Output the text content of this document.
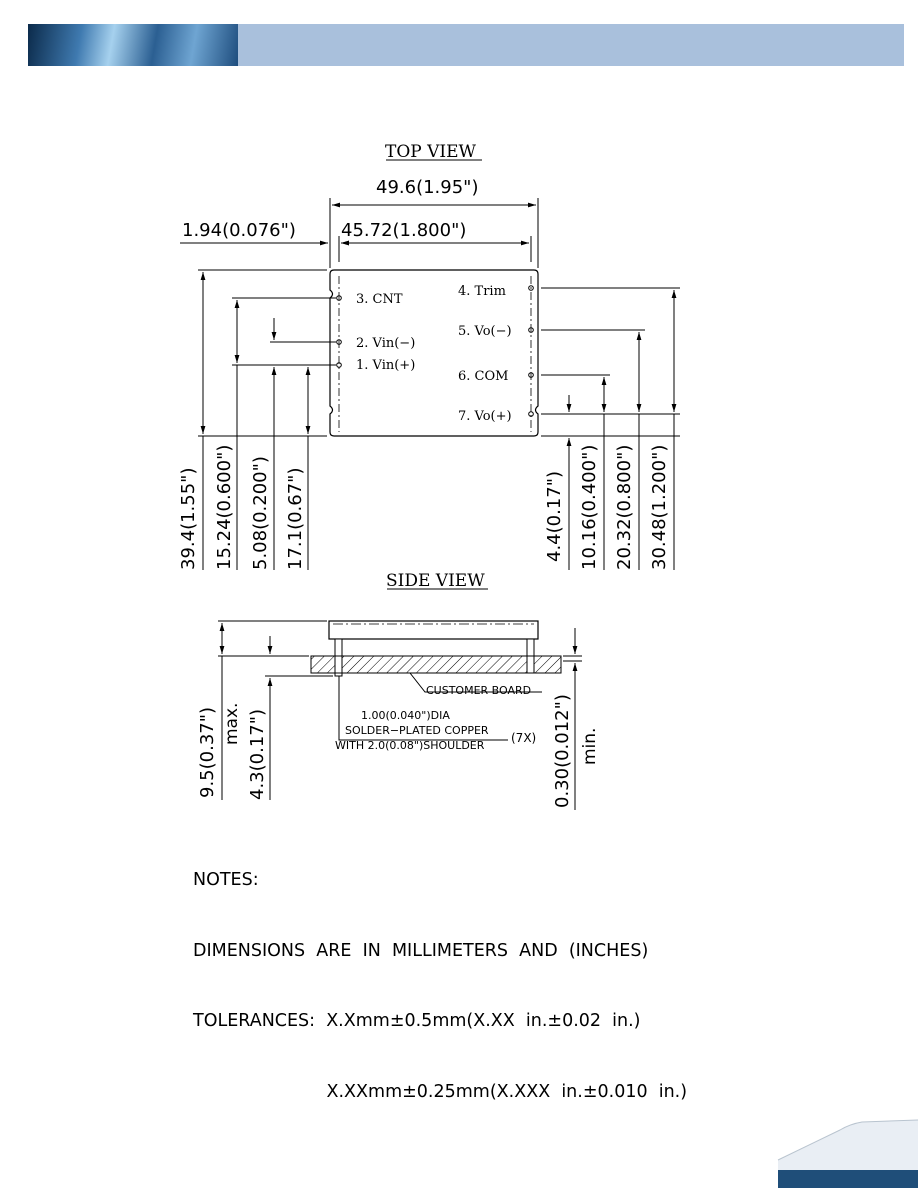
TOP VIEW
49.6(1.95")
45.72(1.800")
1.94(0.076")
3. CNT
2. Vin(−)
1. Vin(+)
4. Trim
5. Vo(−)
6. COM
7. Vo(+)
39.4(1.55") 15.24(0.600") 5.08(0.200") 17.1(0.67")	4.4(0.17") 10.16(0.400") 20.32(0.800") 30.48(1.200")
SIDE VIEW
9.5(0.37") max. 4.3(0.17")	0.30(0.012") min.
CUSTOMER BOARD
1.00(0.040")DIA
SOLDER−PLATED COPPER
WITH 2.0(0.08")SHOULDER
(7X)

NOTES:

DIMENSIONS  ARE  IN  MILLIMETERS  AND  (INCHES)

TOLERANCES:  X.Xmm±0.5mm(X.XX  in.±0.02  in.)

X.XXmm±0.25mm(X.XXX  in.±0.010  in.)
